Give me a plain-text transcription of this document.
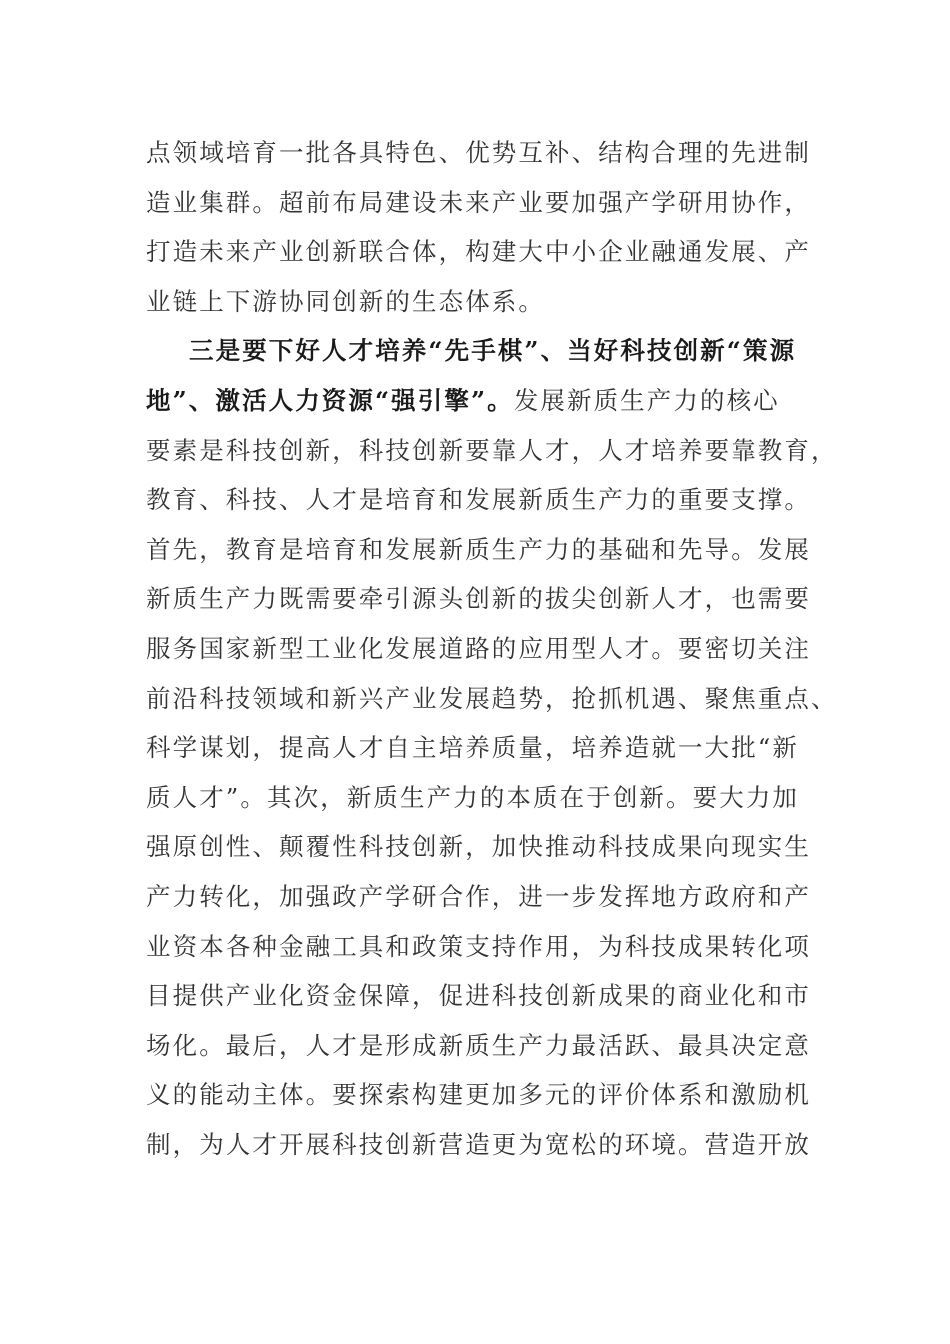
点领域培育一批各具特色、优势互补、结构合理的先进制
造业集群。超前布局建设未来产业要加强产学研用协作，
打造未来产业创新联合体，构建大中小企业融通发展、产
业链上下游协同创新的生态体系。
三是要下好人才培养“先手棋”、当好科技创新“策源
地”、激活人力资源“强引擎”。发展新质生产力的核心
要素是科技创新，科技创新要靠人才，人才培养要靠教育，
教育、科技、人才是培育和发展新质生产力的重要支撑。
首先，教育是培育和发展新质生产力的基础和先导。发展
新质生产力既需要牵引源头创新的拔尖创新人才，也需要
服务国家新型工业化发展道路的应用型人才。要密切关注
前沿科技领域和新兴产业发展趋势，抢抓机遇、聚焦重点、
科学谋划，提高人才自主培养质量，培养造就一大批“新
质人才”。其次，新质生产力的本质在于创新。要大力加
强原创性、颠覆性科技创新，加快推动科技成果向现实生
产力转化，加强政产学研合作，进一步发挥地方政府和产
业资本各种金融工具和政策支持作用，为科技成果转化项
目提供产业化资金保障，促进科技创新成果的商业化和市
场化。最后，人才是形成新质生产力最活跃、最具决定意
义的能动主体。要探索构建更加多元的评价体系和激励机
制，为人才开展科技创新营造更为宽松的环境。营造开放
